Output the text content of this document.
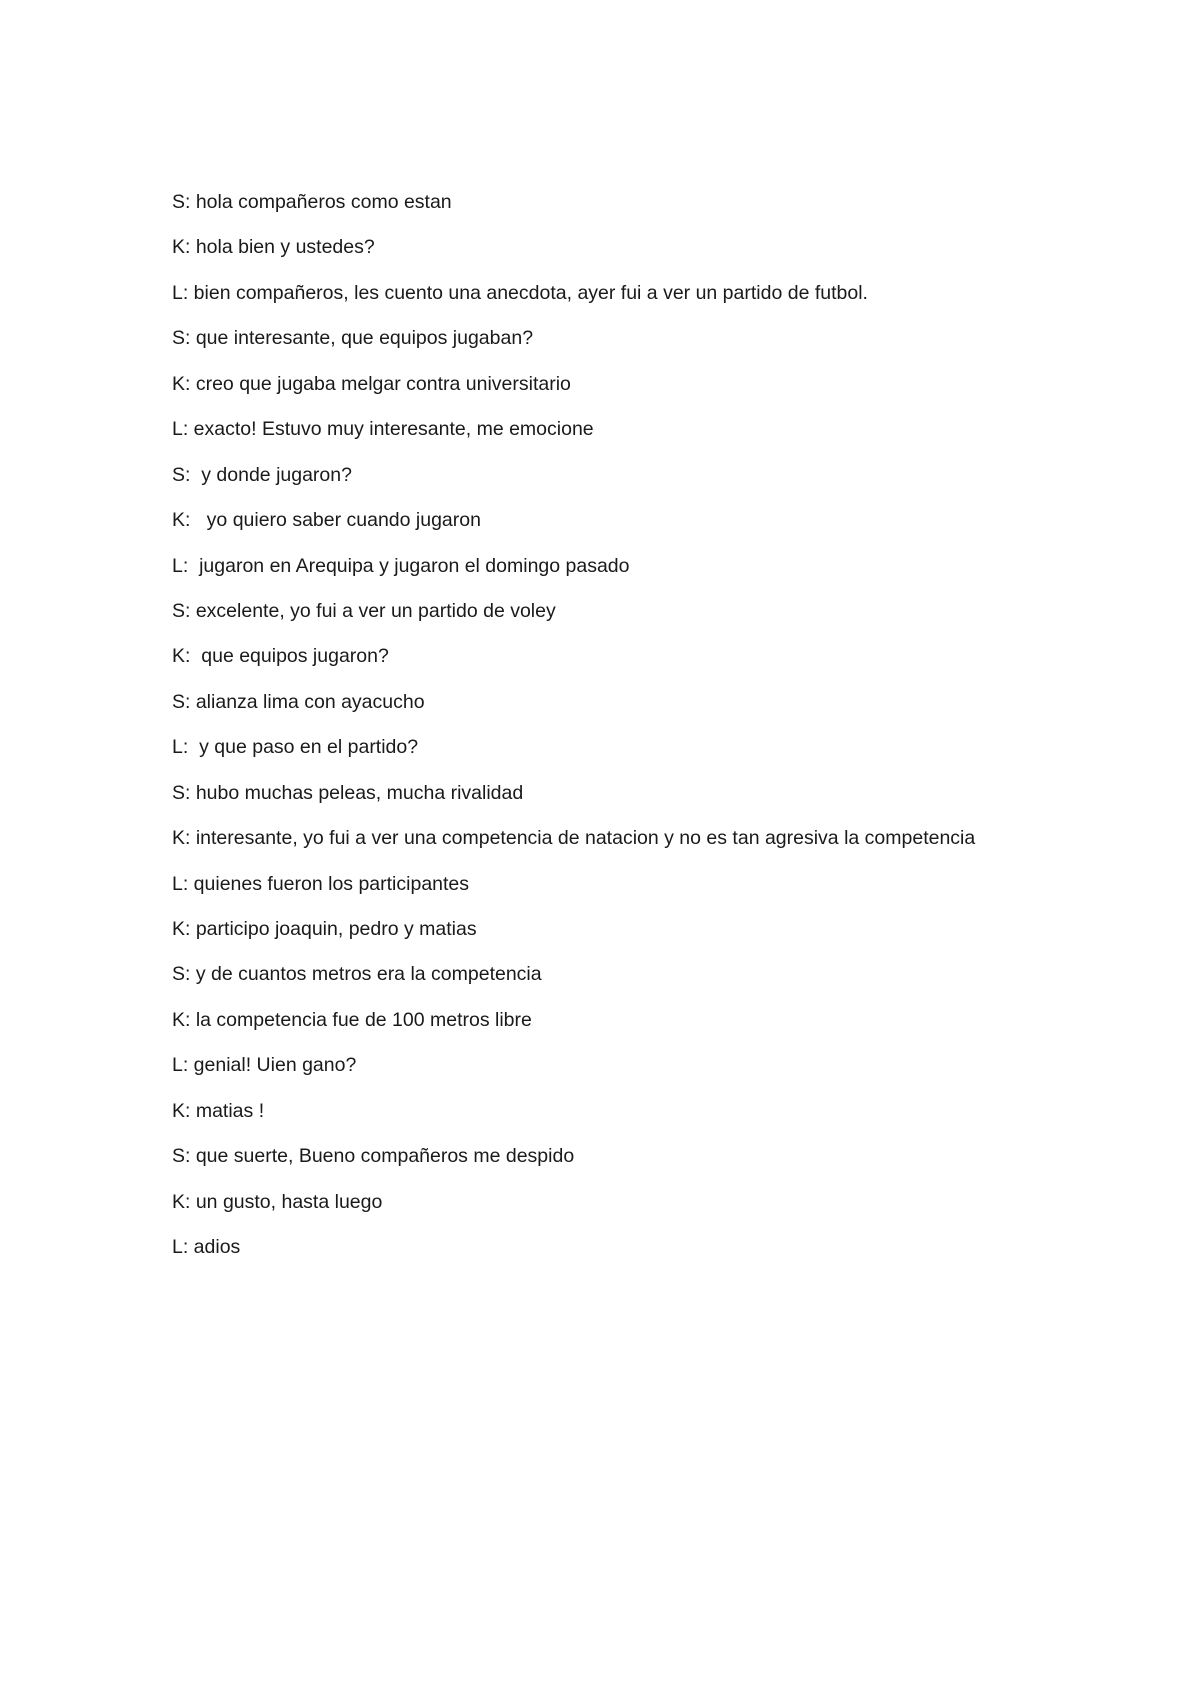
S: hola compañeros como estan
K: hola bien y ustedes?
L: bien compañeros, les cuento una anecdota, ayer fui a ver un partido de futbol.
S: que interesante, que equipos jugaban?
K: creo que jugaba melgar contra universitario
L: exacto! Estuvo muy interesante, me emocione
S:  y donde jugaron?
K:   yo quiero saber cuando jugaron
L:  jugaron en Arequipa y jugaron el domingo pasado
S: excelente, yo fui a ver un partido de voley
K:  que equipos jugaron?
S: alianza lima con ayacucho
L:  y que paso en el partido?
S: hubo muchas peleas, mucha rivalidad
K: interesante, yo fui a ver una competencia de natacion y no es tan agresiva la competencia
L: quienes fueron los participantes
K: participo joaquin, pedro y matias
S: y de cuantos metros era la competencia
K: la competencia fue de 100 metros libre
L: genial! Uien gano?
K: matias !
S: que suerte, Bueno compañeros me despido
K: un gusto, hasta luego
L: adios
